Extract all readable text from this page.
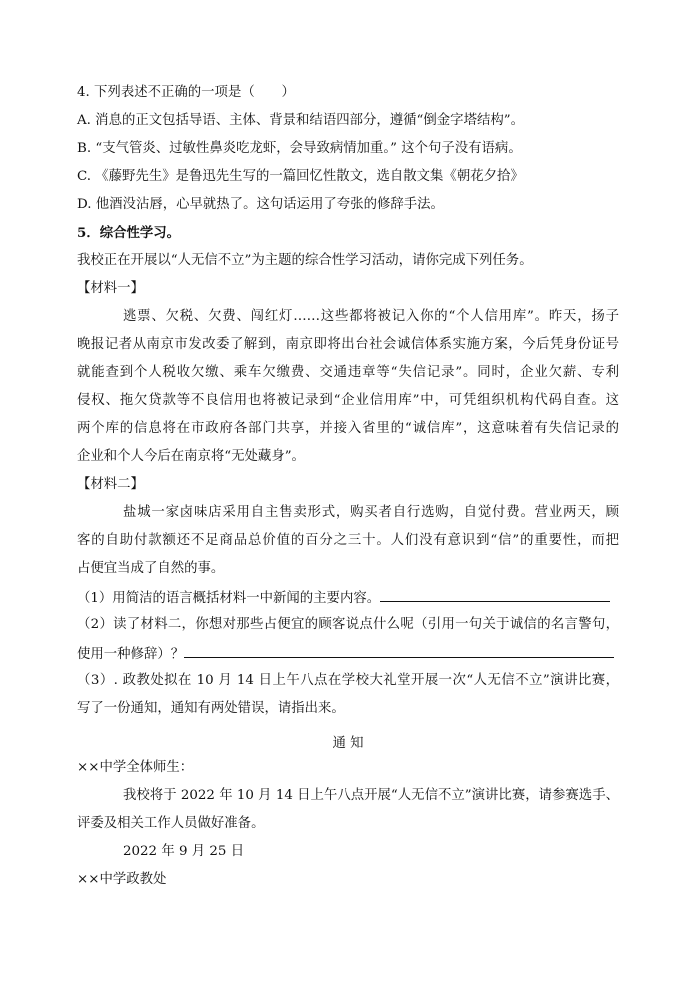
4. 下列表述不正确的一项是（　　）
A. 消息的正文包括导语、主体、背景和结语四部分，遵循“倒金字塔结构”。
B. “支气管炎、过敏性鼻炎吃龙虾，会导致病情加重。” 这个句子没有语病。
C. 《藤野先生》是鲁迅先生写的一篇回忆性散文，选自散文集《朝花夕拾》
D. 他酒没沾唇，心早就热了。这句话运用了夸张的修辞手法。
5．综合性学习。
我校正在开展以“人无信不立”为主题的综合性学习活动，请你完成下列任务。
【材料一】
逃票、欠税、欠费、闯红灯……这些都将被记入你的“个人信用库”。昨天，扬子
晚报记者从南京市发改委了解到，南京即将出台社会诚信体系实施方案，今后凭身份证号
就能查到个人税收欠缴、乘车欠缴费、交通违章等“失信记录”。同时，企业欠薪、专利
侵权、拖欠贷款等不良信用也将被记录到“企业信用库”中，可凭组织机构代码自查。这
两个库的信息将在市政府各部门共享，并接入省里的“诚信库”，这意味着有失信记录的
企业和个人今后在南京将“无处藏身”。
【材料二】
盐城一家卤味店采用自主售卖形式，购买者自行选购，自觉付费。营业两天，顾
客的自助付款额还不足商品总价值的百分之三十。人们没有意识到“信”的重要性，而把
占便宜当成了自然的事。
（1）用简洁的语言概括材料一中新闻的主要内容。
（2）读了材料二，你想对那些占便宜的顾客说点什么呢（引用一句关于诚信的名言警句，
使用一种修辞）？
（3）. 政教处拟在 10 月 14 日上午八点在学校大礼堂开展一次“人无信不立”演讲比赛，
写了一份通知，通知有两处错误，请指出来。
通 知
××中学全体师生：
我校将于 2022 年 10 月 14 日上午八点开展“人无信不立”演讲比赛，请参赛选手、
评委及相关工作人员做好准备。
2022 年 9 月 25 日
××中学政教处
